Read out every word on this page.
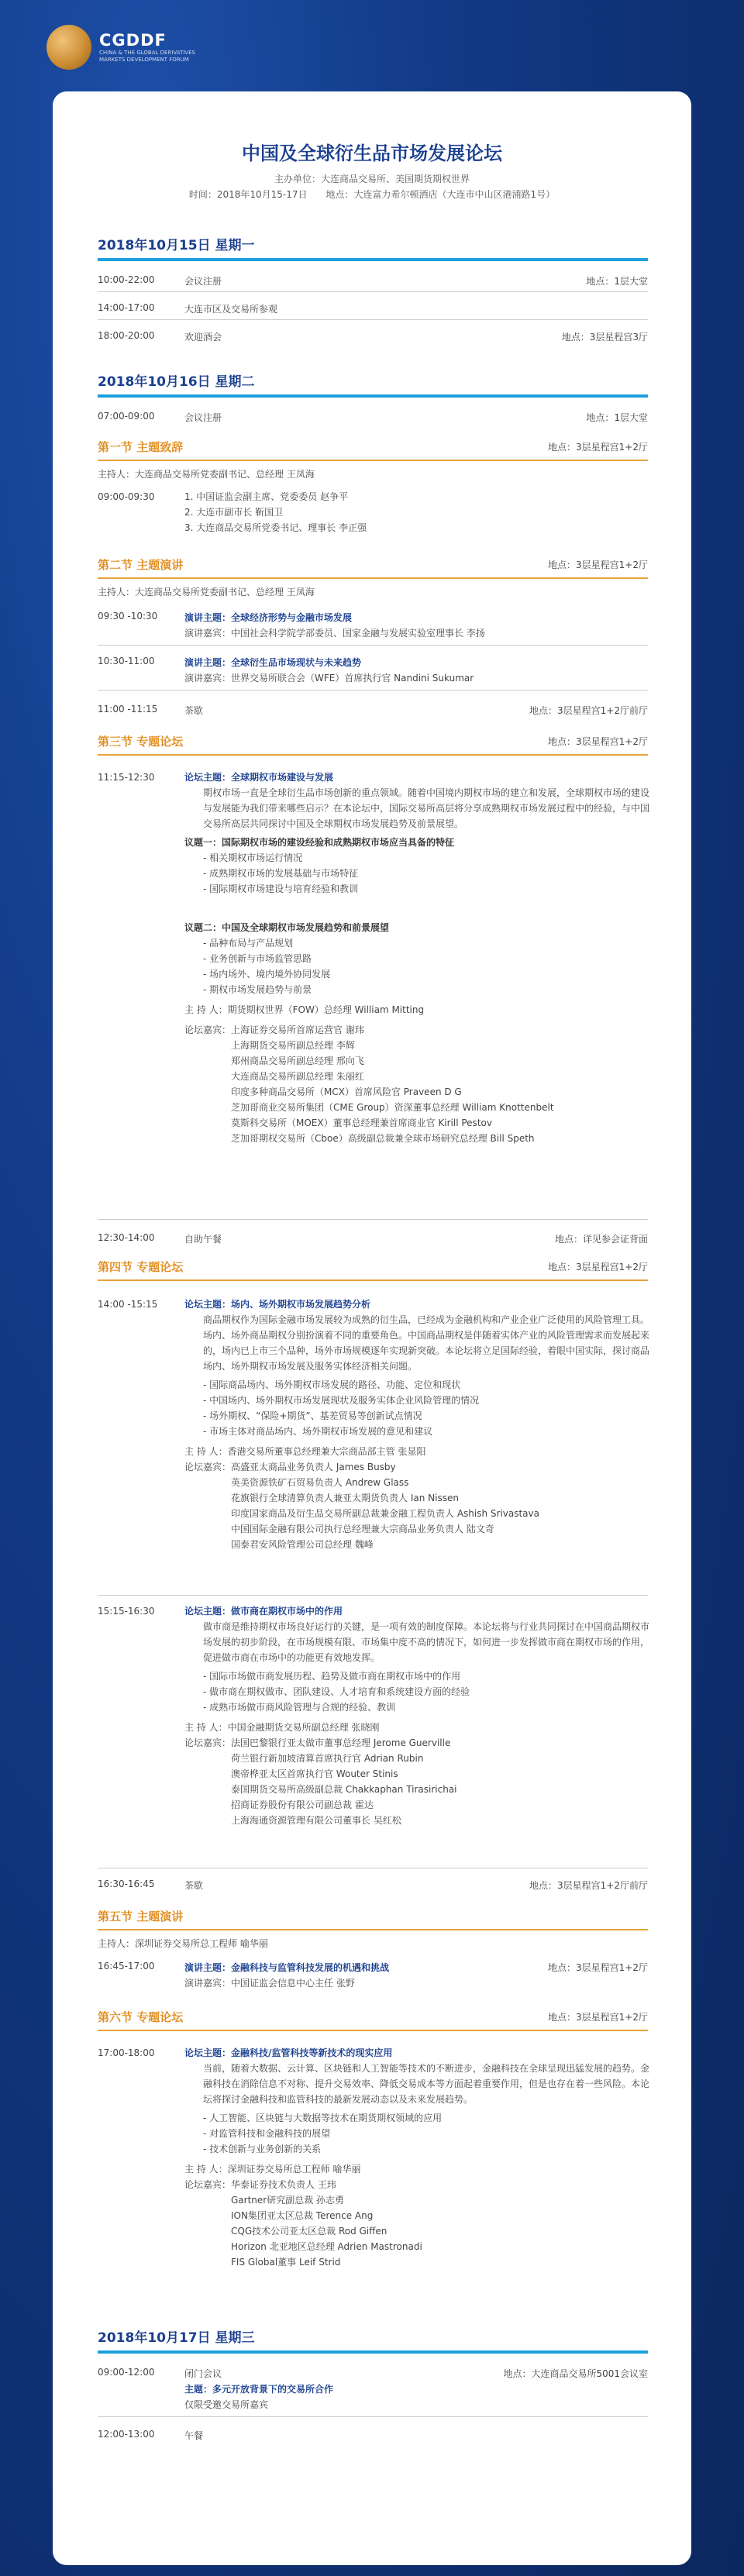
CGDDF
CHINA & THE GLOBAL DERIVATIVES MARKETS DEVELOPMENT FORUM
中国及全球衍生品市场发展论坛
主办单位：大连商品交易所、美国期货期权世界
时间：2018年10月15-17日　　地点：大连富力希尔顿酒店（大连市中山区港浦路1号）
2018年10月15日 星期一
10:00-22:00	会议注册	地点：1层大堂
14:00-17:00	大连市区及交易所参观
18:00-20:00	欢迎酒会	地点：3层星程宫3厅
2018年10月16日 星期二
07:00-09:00	会议注册	地点：1层大堂
第一节 主题致辞	地点：3层星程宫1+2厅
主持人：大连商品交易所党委副书记、总经理 王凤海
09:00-09:30	1. 中国证监会副主席、党委委员 赵争平

2. 大连市副市长 靳国卫

3. 大连商品交易所党委书记、理事长 李正强

第二节 主题演讲	地点：3层星程宫1+2厅
主持人：大连商品交易所党委副书记、总经理 王凤海
09:30 -10:30	演讲主题：全球经济形势与金融市场发展
演讲嘉宾：中国社会科学院学部委员、国家金融与发展实验室理事长 李扬
10:30-11:00	演讲主题：全球衍生品市场现状与未来趋势
演讲嘉宾：世界交易所联合会（WFE）首席执行官 Nandini Sukumar
11:00 -11:15	茶歇	地点：3层星程宫1+2厅前厅
第三节 专题论坛	地点：3层星程宫1+2厅
11:15-12:30	论坛主题：全球期权市场建设与发展

期权市场一直是全球衍生品市场创新的重点领域。随着中国境内期权市场的建立和发展，全球期权市场的建设与发展能为我们带来哪些启示？在本论坛中，国际交易所高层将分享成熟期权市场发展过程中的经验，与中国交易所高层共同探讨中国及全球期权市场发展趋势及前景展望。

议题一：国际期权市场的建设经验和成熟期权市场应当具备的特征

- 相关期权市场运行情况

- 成熟期权市场的发展基础与市场特征

- 国际期权市场建设与培育经验和教训

议题二：中国及全球期权市场发展趋势和前景展望

- 品种布局与产品规划

- 业务创新与市场监管思路

- 场内场外、境内境外协同发展

- 期权市场发展趋势与前景

主 持 人：期货期权世界（FOW）总经理 William Mitting

论坛嘉宾：上海证券交易所首席运营官 谢玮

上海期货交易所副总经理 李辉

郑州商品交易所副总经理 邢向飞

大连商品交易所副总经理 朱丽红

印度多种商品交易所（MCX）首席风险官 Praveen D G

芝加哥商业交易所集团（CME Group）资深董事总经理 William Knottenbelt

莫斯科交易所（MOEX）董事总经理兼首席商业官 Kirill Pestov

芝加哥期权交易所（Cboe）高级副总裁兼全球市场研究总经理 Bill Speth

12:30-14:00	自助午餐	地点：详见参会证背面
第四节 专题论坛	地点：3层星程宫1+2厅
14:00 -15:15	论坛主题：场内、场外期权市场发展趋势分析

商品期权作为国际金融市场发展较为成熟的衍生品，已经成为金融机构和产业企业广泛使用的风险管理工具。场内、场外商品期权分别扮演着不同的重要角色。中国商品期权是伴随着实体产业的风险管理需求而发展起来的，场内已上市三个品种，场外市场规模逐年实现新突破。本论坛将立足国际经验，着眼中国实际，探讨商品场内、场外期权市场发展及服务实体经济相关问题。

- 国际商品场内、场外期权市场发展的路径、功能、定位和现状

- 中国场内、场外期权市场发展现状及服务实体企业风险管理的情况

- 场外期权、“保险+期货”、基差贸易等创新试点情况

- 市场主体对商品场内、场外期权市场发展的意见和建议

主 持 人：香港交易所董事总经理兼大宗商品部主管 张显阳

论坛嘉宾：高盛亚太商品业务负责人 James Busby

英美资源铁矿石贸易负责人 Andrew Glass

花旗银行全球清算负责人兼亚太期货负责人 Ian Nissen

印度国家商品及衍生品交易所副总裁兼金融工程负责人 Ashish Srivastava

中国国际金融有限公司执行总经理兼大宗商品业务负责人 陆文奇

国泰君安风险管理公司总经理 魏峰

15:15-16:30	论坛主题：做市商在期权市场中的作用

做市商是维持期权市场良好运行的关键，是一项有效的制度保障。本论坛将与行业共同探讨在中国商品期权市场发展的初步阶段，在市场规模有限、市场集中度不高的情况下，如何进一步发挥做市商在期权市场的作用，促进做市商在市场中的功能更有效地发挥。

- 国际市场做市商发展历程、趋势及做市商在期权市场中的作用

- 做市商在期权做市、团队建设、人才培育和系统建设方面的经验

- 成熟市场做市商风险管理与合规的经验、教训

主 持 人：中国金融期货交易所副总经理 张晓刚

论坛嘉宾：法国巴黎银行亚太做市董事总经理 Jerome Guerville

荷兰银行新加坡清算首席执行官 Adrian Rubin

澳帝桦亚太区首席执行官 Wouter Stinis

泰国期货交易所高级副总裁 Chakkaphan Tirasirichai

招商证券股份有限公司副总裁 霍达

上海海通资源管理有限公司董事长 吴红松

16:30-16:45	茶歇	地点：3层星程宫1+2厅前厅
第五节 主题演讲
主持人：深圳证券交易所总工程师 喻华丽
16:45-17:00	演讲主题：金融科技与监管科技发展的机遇和挑战
演讲嘉宾：中国证监会信息中心主任 张野
地点：3层星程宫1+2厅
第六节 专题论坛	地点：3层星程宫1+2厅
17:00-18:00	论坛主题：金融科技/监管科技等新技术的现实应用

当前，随着大数据、云计算、区块链和人工智能等技术的不断进步，金融科技在全球呈现迅猛发展的趋势。金融科技在消除信息不对称、提升交易效率、降低交易成本等方面起着重要作用，但是也存在着一些风险。本论坛将探讨金融科技和监管科技的最新发展动态以及未来发展趋势。

- 人工智能、区块链与大数据等技术在期货期权领域的应用

- 对监管科技和金融科技的展望

- 技术创新与业务创新的关系

主 持 人：深圳证券交易所总工程师 喻华丽

论坛嘉宾：华泰证券技术负责人 王玮

Gartner研究副总裁 孙志勇

ION集团亚太区总裁 Terence Ang

CQG技术公司亚太区总裁 Rod Giffen

Horizon 北亚地区总经理 Adrien Mastronadi

FIS Global董事 Leif Strid

2018年10月17日 星期三
09:00-12:00	闭门会议	地点：大连商品交易所5001会议室
主题：多元开放背景下的交易所合作
仅限受邀交易所嘉宾
12:00-13:00	午餐
